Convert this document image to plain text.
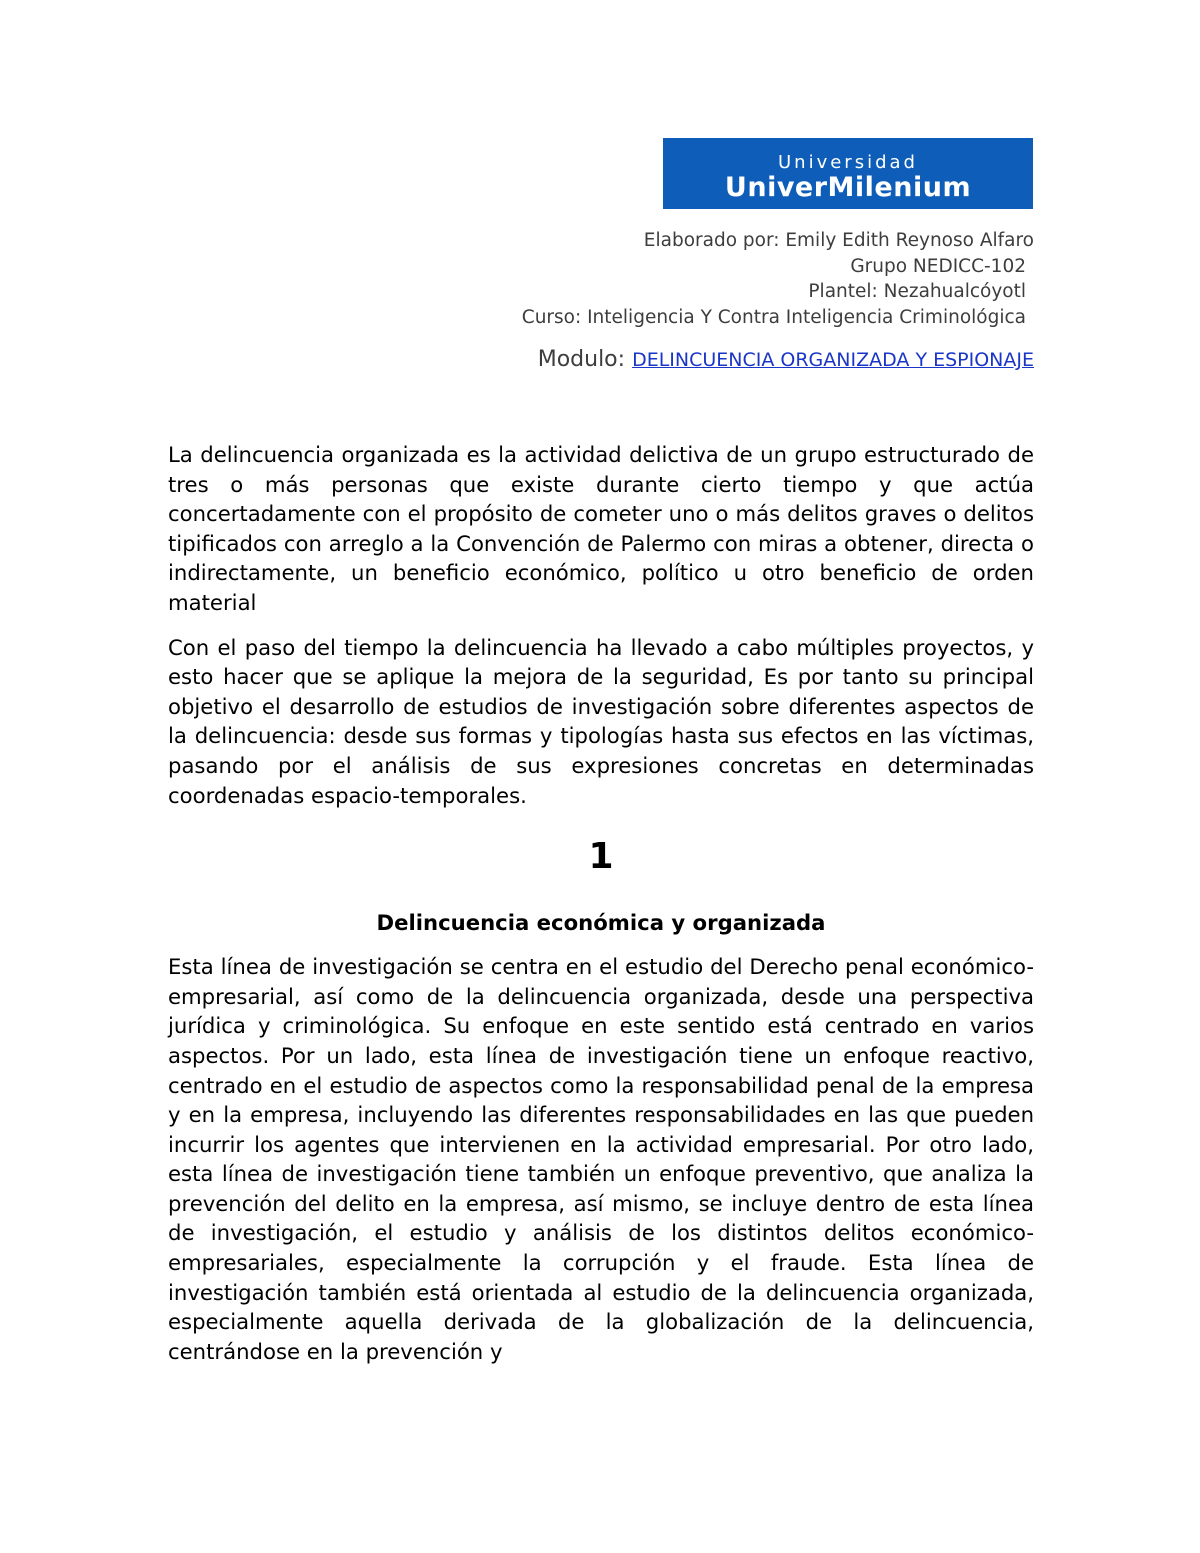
Universidad
UniverMilenium
Elaborado por: Emily Edith Reynoso Alfaro
Grupo NEDICC-102
Plantel: Nezahualcóyotl
Curso: Inteligencia Y Contra Inteligencia Criminológica
Modulo: DELINCUENCIA ORGANIZADA Y ESPIONAJE

La delincuencia organizada es la actividad delictiva de un grupo estructurado de tres o más personas que existe durante cierto tiempo y que actúa concertadamente con el propósito de cometer uno o más delitos graves o delitos tipificados con arreglo a la Convención de Palermo con miras a obtener, directa o indirectamente, un beneficio económico, político u otro beneficio de orden material

Con el paso del tiempo la delincuencia ha llevado a cabo múltiples proyectos, y esto hacer que se aplique la mejora de la seguridad, Es por tanto su principal objetivo el desarrollo de estudios de investigación sobre diferentes aspectos de la delincuencia: desde sus formas y tipologías hasta sus efectos en las víctimas, pasando por el análisis de sus expresiones concretas en determinadas coordenadas espacio-temporales.

1
Delincuencia económica y organizada

Esta línea de investigación se centra en el estudio del Derecho penal económico-empresarial, así como de la delincuencia organizada, desde una perspectiva jurídica y criminológica. Su enfoque en este sentido está centrado en varios aspectos. Por un lado, esta línea de investigación tiene un enfoque reactivo, centrado en el estudio de aspectos como la responsabilidad penal de la empresa y en la empresa, incluyendo las diferentes responsabilidades en las que pueden incurrir los agentes que intervienen en la actividad empresarial. Por otro lado, esta línea de investigación tiene también un enfoque preventivo, que analiza la prevención del delito en la empresa, así mismo, se incluye dentro de esta línea de investigación, el estudio y análisis de los distintos delitos económico-empresariales, especialmente la corrupción y el fraude. Esta línea de investigación también está orientada al estudio de la delincuencia organizada, especialmente aquella derivada de la globalización de la delincuencia, centrándose en la prevención y
